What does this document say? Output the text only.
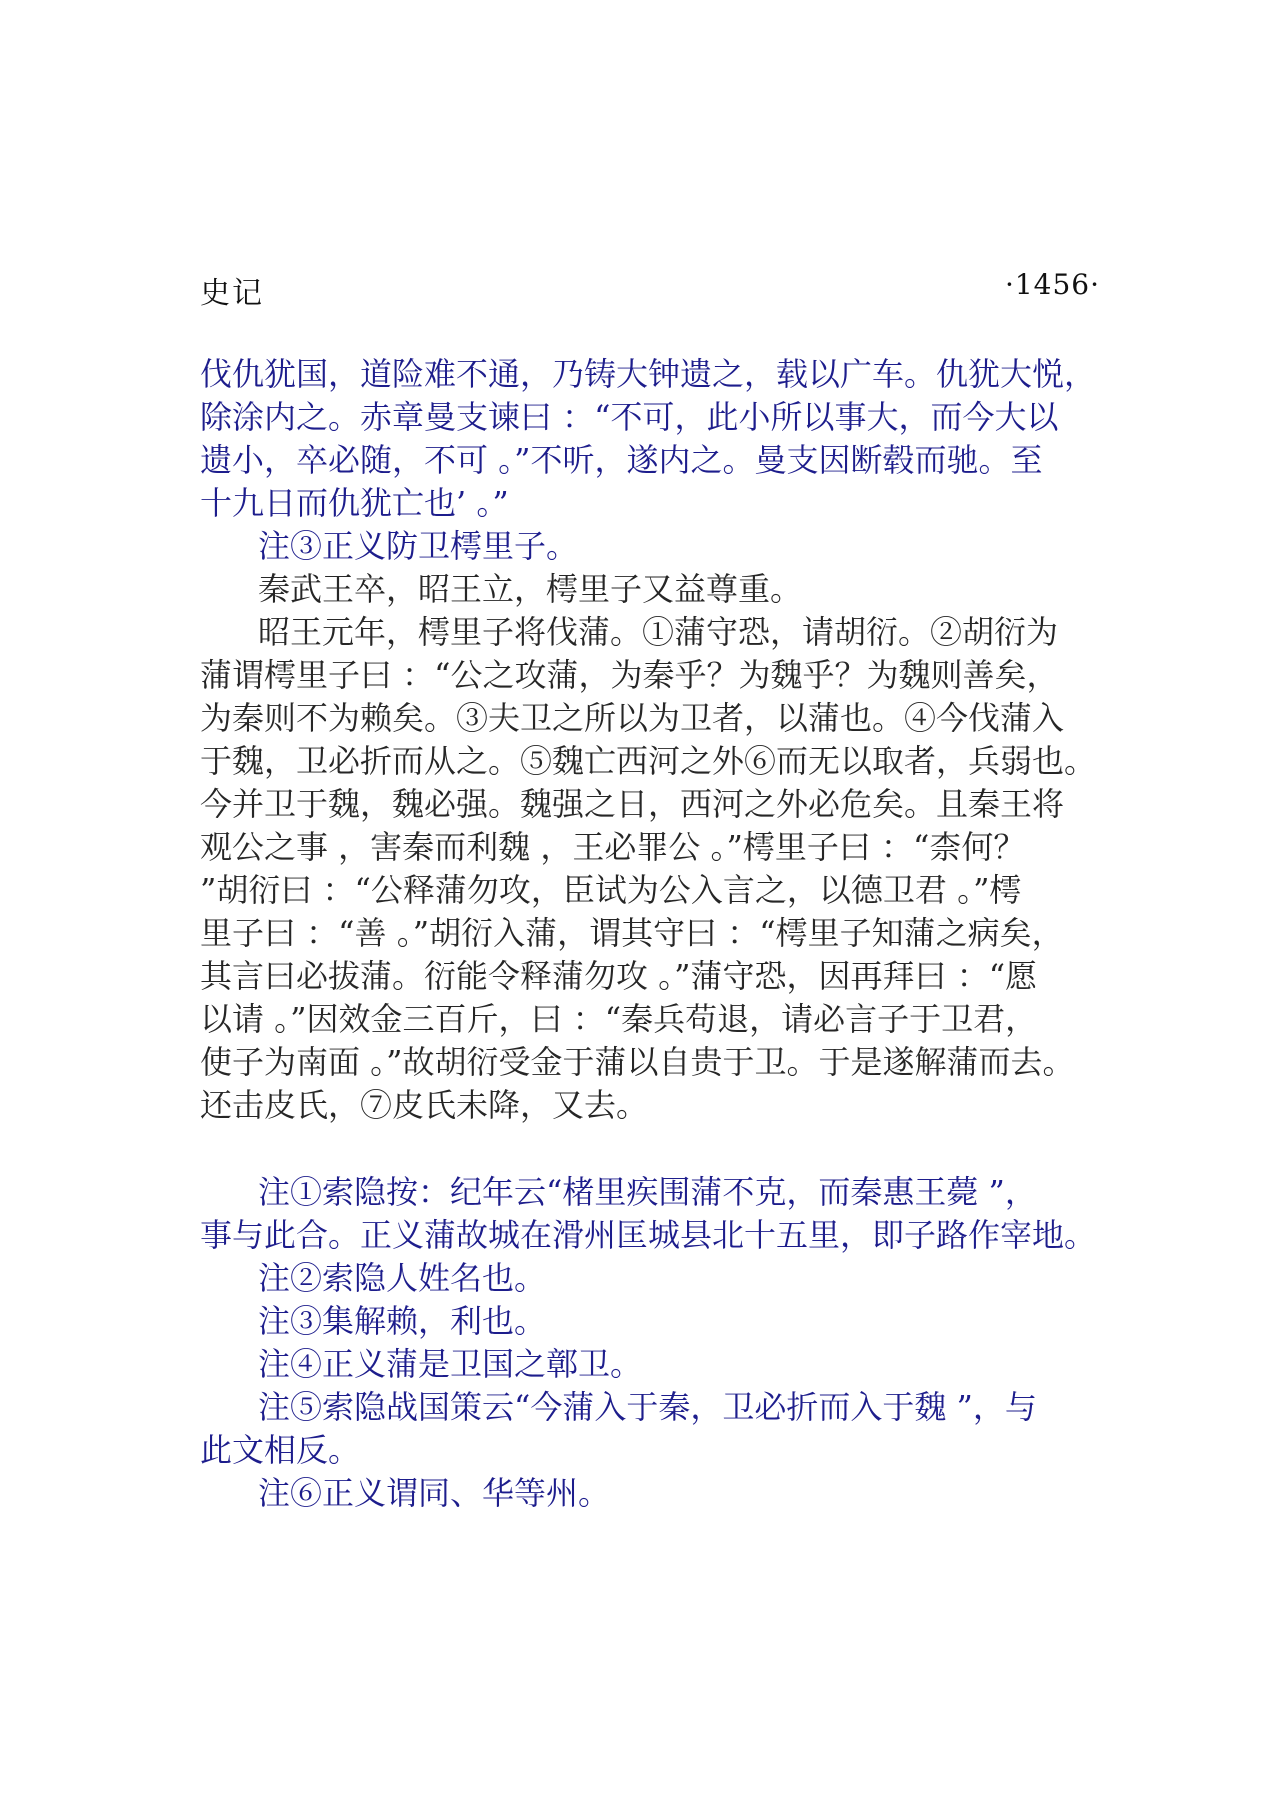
史记	·1456·
伐仇犹国，道险难不通，乃铸大钟遗之，载以广车。仇犹大悦，
除涂内之。赤章曼支谏曰 ：“不可，此小所以事大，而今大以
遗小，卒必随，不可 。”不听，遂内之。曼支因断毂而驰。至
十九日而仇犹亡也’ 。”
注③正义防卫樗里子。
秦武王卒，昭王立，樗里子又益尊重。
昭王元年，樗里子将伐蒲。①蒲守恐，请胡衍。②胡衍为
蒲谓樗里子曰 ：“公之攻蒲，为秦乎？为魏乎？为魏则善矣，
为秦则不为赖矣。③夫卫之所以为卫者，以蒲也。④今伐蒲入
于魏，卫必折而从之。⑤魏亡西河之外⑥而无以取者，兵弱也。
今并卫于魏，魏必强。魏强之日，西河之外必危矣。且秦王将
观公之事 ，害秦而利魏 ，王必罪公 。”樗里子曰 ：“柰何？
”胡衍曰 ：“公释蒲勿攻，臣试为公入言之，以德卫君 。”樗
里子曰 ：“善 。”胡衍入蒲，谓其守曰 ：“樗里子知蒲之病矣，
其言曰必拔蒲。衍能令释蒲勿攻 。”蒲守恐，因再拜曰 ：“愿
以请 。”因效金三百斤，曰 ：“秦兵苟退，请必言子于卫君，
使子为南面 。”故胡衍受金于蒲以自贵于卫。于是遂解蒲而去。
还击皮氏，⑦皮氏未降，又去。
注①索隐按：纪年云“楮里疾围蒲不克，而秦惠王薨 ”，
事与此合。正义蒲故城在滑州匡城县北十五里，即子路作宰地。
注②索隐人姓名也。
注③集解赖，利也。
注④正义蒲是卫国之鄣卫。
注⑤索隐战国策云“今蒲入于秦，卫必折而入于魏 ”，与
此文相反。
注⑥正义谓同、华等州。
